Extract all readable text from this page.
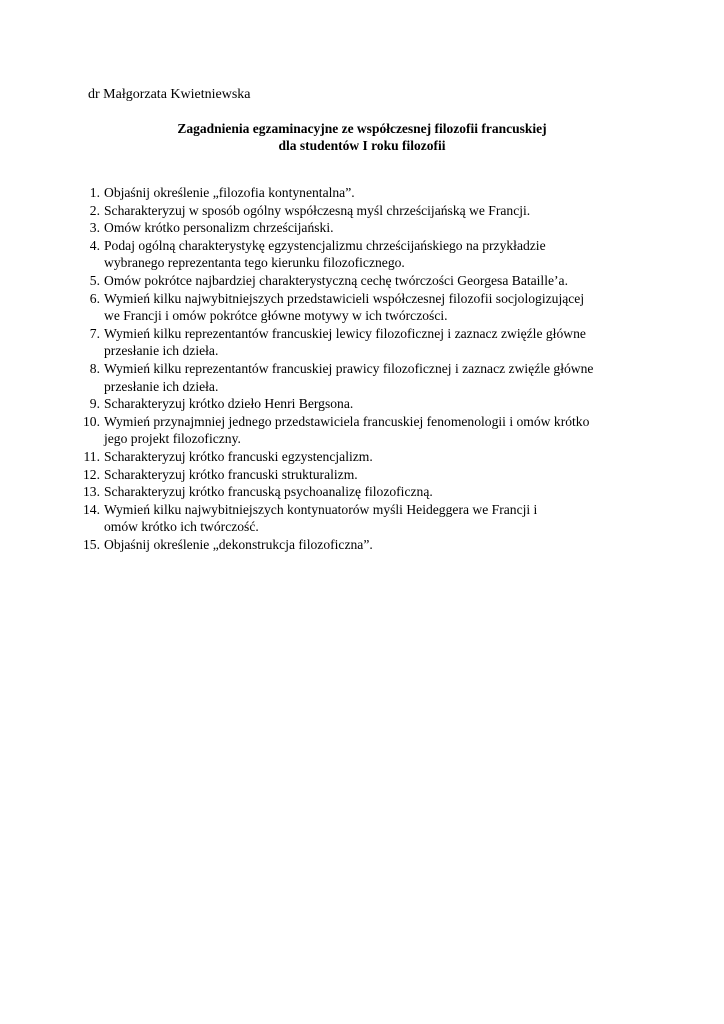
dr Małgorzata Kwietniewska
Zagadnienia egzaminacyjne ze współczesnej filozofii francuskiej
dla studentów I roku filozofii
1. Objaśnij określenie „filozofia kontynentalna”.
2. Scharakteryzuj w sposób ogólny współczesną myśl chrześcijańską we Francji.
3. Omów krótko personalizm chrześcijański.
4. Podaj ogólną charakterystykę egzystencjalizmu chrześcijańskiego na przykładzie
wybranego reprezentanta tego kierunku filozoficznego.
5. Omów pokrótce najbardziej charakterystyczną cechę twórczości Georgesa Bataille’a.
6. Wymień kilku najwybitniejszych przedstawicieli współczesnej filozofii socjologizującej
we Francji i omów pokrótce główne motywy w ich twórczości.
7. Wymień kilku reprezentantów francuskiej lewicy filozoficznej i zaznacz zwięźle główne
przesłanie ich dzieła.
8. Wymień kilku reprezentantów francuskiej prawicy filozoficznej i zaznacz zwięźle główne
przesłanie ich dzieła.
9. Scharakteryzuj krótko dzieło Henri Bergsona.
10. Wymień przynajmniej jednego przedstawiciela francuskiej fenomenologii i omów krótko
jego projekt filozoficzny.
11. Scharakteryzuj krótko francuski egzystencjalizm.
12. Scharakteryzuj krótko francuski strukturalizm.
13. Scharakteryzuj krótko francuską psychoanalizę filozoficzną.
14. Wymień kilku najwybitniejszych kontynuatorów myśli Heideggera we Francji i
omów krótko ich twórczość.
15. Objaśnij określenie „dekonstrukcja filozoficzna”.
